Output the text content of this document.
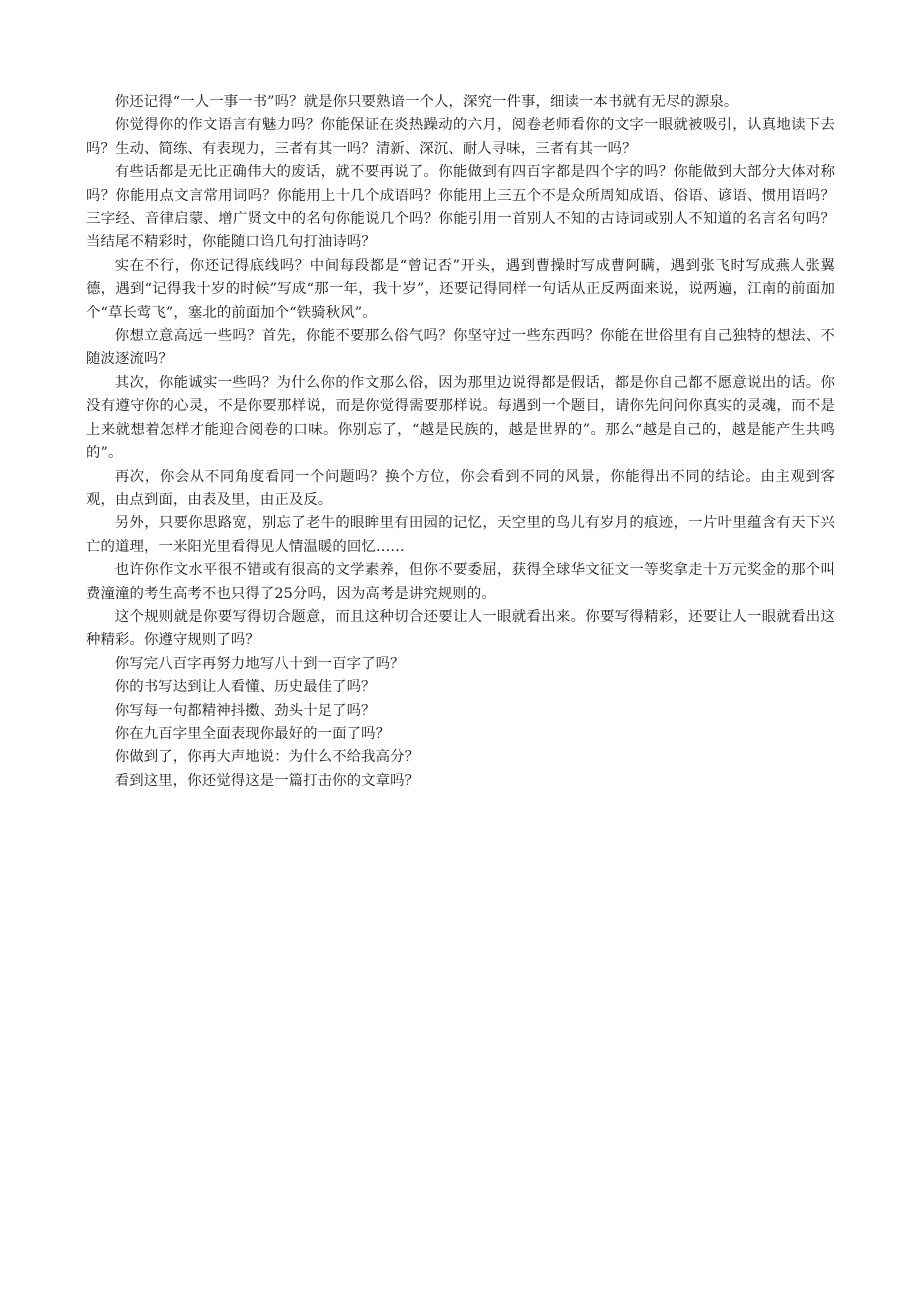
你还记得“一人一事一书”吗？就是你只要熟谙一个人，深究一件事，细读一本书就有无尽的源泉。

你觉得你的作文语言有魅力吗？你能保证在炎热躁动的六月，阅卷老师看你的文字一眼就被吸引，认真地读下去吗？生动、简练、有表现力，三者有其一吗？清新、深沉、耐人寻味，三者有其一吗？

有些话都是无比正确伟大的废话，就不要再说了。你能做到有四百字都是四个字的吗？你能做到大部分大体对称吗？你能用点文言常用词吗？你能用上十几个成语吗？你能用上三五个不是众所周知成语、俗语、谚语、惯用语吗？三字经、音律启蒙、增广贤文中的名句你能说几个吗？你能引用一首别人不知的古诗词或别人不知道的名言名句吗？当结尾不精彩时，你能随口诌几句打油诗吗？

实在不行，你还记得底线吗？中间每段都是“曾记否”开头，遇到曹操时写成曹阿瞒，遇到张飞时写成燕人张翼德，遇到“记得我十岁的时候”写成“那一年，我十岁”，还要记得同样一句话从正反两面来说，说两遍，江南的前面加个“草长莺飞”，塞北的前面加个“铁骑秋风”。

你想立意高远一些吗？首先，你能不要那么俗气吗？你坚守过一些东西吗？你能在世俗里有自己独特的想法、不随波逐流吗？

其次，你能诚实一些吗？为什么你的作文那么俗，因为那里边说得都是假话，都是你自己都不愿意说出的话。你没有遵守你的心灵，不是你要那样说，而是你觉得需要那样说。每遇到一个题目，请你先问问你真实的灵魂，而不是上来就想着怎样才能迎合阅卷的口味。你别忘了，“越是民族的，越是世界的”。那么“越是自己的，越是能产生共鸣的”。

再次，你会从不同角度看同一个问题吗？换个方位，你会看到不同的风景，你能得出不同的结论。由主观到客观，由点到面，由表及里，由正及反。

另外，只要你思路宽，别忘了老牛的眼眸里有田园的记忆，天空里的鸟儿有岁月的痕迹，一片叶里蕴含有天下兴亡的道理，一米阳光里看得见人情温暖的回忆……

也许你作文水平很不错或有很高的文学素养，但你不要委屈，获得全球华文征文一等奖拿走十万元奖金的那个叫费潼潼的考生高考不也只得了25分吗，因为高考是讲究规则的。

这个规则就是你要写得切合题意，而且这种切合还要让人一眼就看出来。你要写得精彩，还要让人一眼就看出这种精彩。你遵守规则了吗？

你写完八百字再努力地写八十到一百字了吗？

你的书写达到让人看懂、历史最佳了吗？

你写每一句都精神抖擞、劲头十足了吗？

你在九百字里全面表现你最好的一面了吗？

你做到了，你再大声地说：为什么不给我高分？

看到这里，你还觉得这是一篇打击你的文章吗？
